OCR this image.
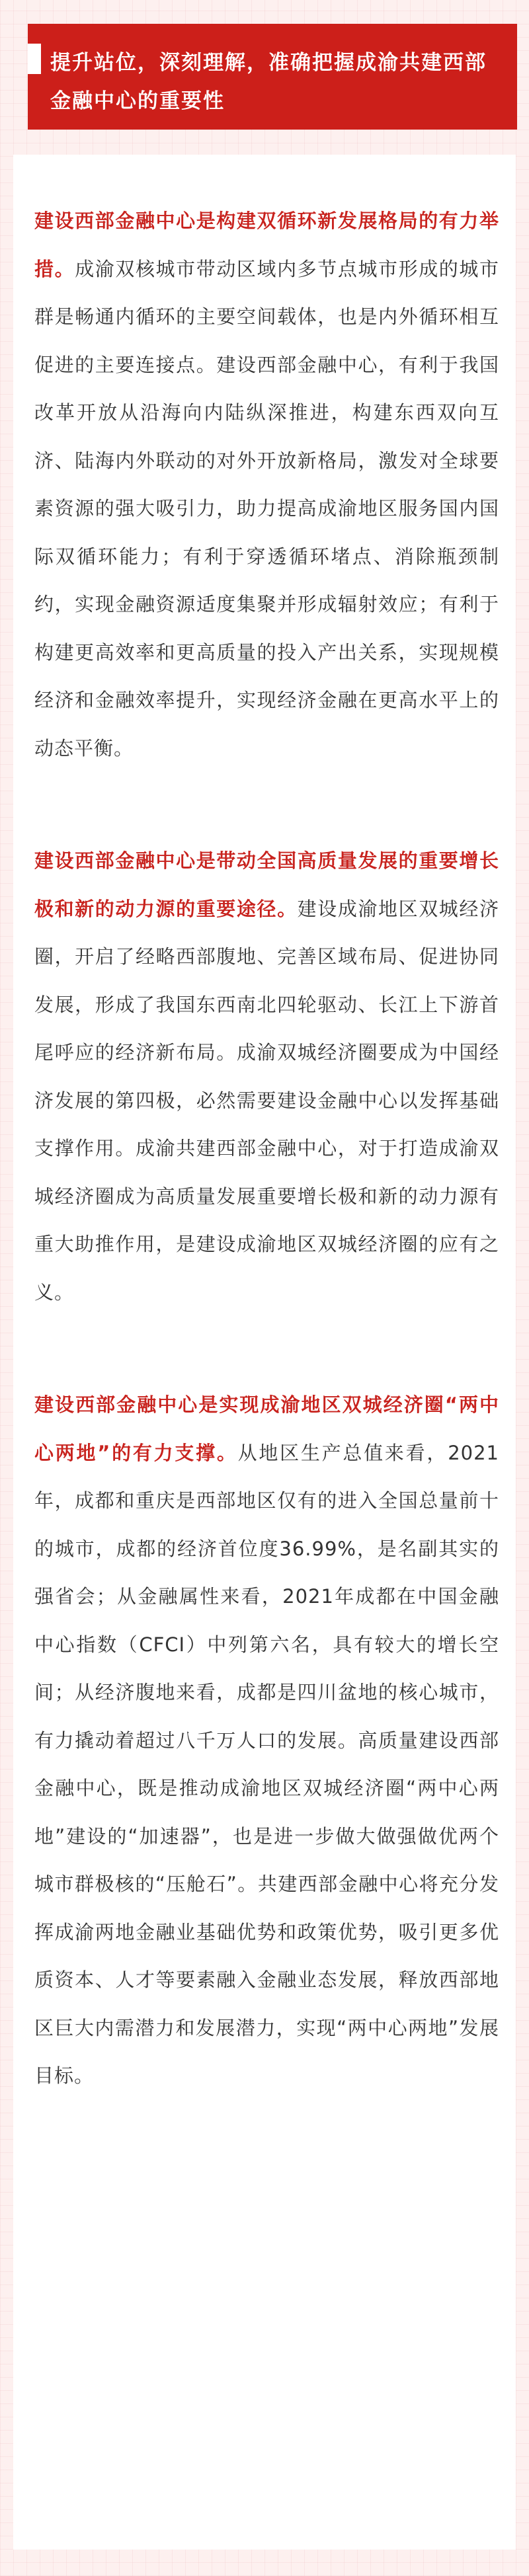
提升站位，深刻理解，准确把握成渝共建西部金融中心的重要性

建设西部金融中心是构建双循环新发展格局的有力举措。成渝双核城市带动区域内多节点城市形成的城市群是畅通内循环的主要空间载体，也是内外循环相互促进的主要连接点。建设西部金融中心，有利于我国改革开放从沿海向内陆纵深推进，构建东西双向互济、陆海内外联动的对外开放新格局，激发对全球要素资源的强大吸引力，助力提高成渝地区服务国内国际双循环能力；有利于穿透循环堵点、消除瓶颈制约，实现金融资源适度集聚并形成辐射效应；有利于构建更高效率和更高质量的投入产出关系，实现规模经济和金融效率提升，实现经济金融在更高水平上的动态平衡。

建设西部金融中心是带动全国高质量发展的重要增长极和新的动力源的重要途径。建设成渝地区双城经济圈，开启了经略西部腹地、完善区域布局、促进协同发展，形成了我国东西南北四轮驱动、长江上下游首尾呼应的经济新布局。成渝双城经济圈要成为中国经济发展的第四极，必然需要建设金融中心以发挥基础支撑作用。成渝共建西部金融中心，对于打造成渝双城经济圈成为高质量发展重要增长极和新的动力源有重大助推作用，是建设成渝地区双城经济圈的应有之义。

建设西部金融中心是实现成渝地区双城经济圈“两中心两地”的有力支撑。从地区生产总值来看，2021年，成都和重庆是西部地区仅有的进入全国总量前十的城市，成都的经济首位度36.99%，是名副其实的强省会；从金融属性来看，2021年成都在中国金融中心指数（CFCI）中列第六名，具有较大的增长空间；从经济腹地来看，成都是四川盆地的核心城市，有力撬动着超过八千万人口的发展。高质量建设西部金融中心，既是推动成渝地区双城经济圈“两中心两地”建设的“加速器”，也是进一步做大做强做优两个城市群极核的“压舱石”。共建西部金融中心将充分发挥成渝两地金融业基础优势和政策优势，吸引更多优质资本、人才等要素融入金融业态发展，释放西部地区巨大内需潜力和发展潜力，实现“两中心两地”发展目标。
